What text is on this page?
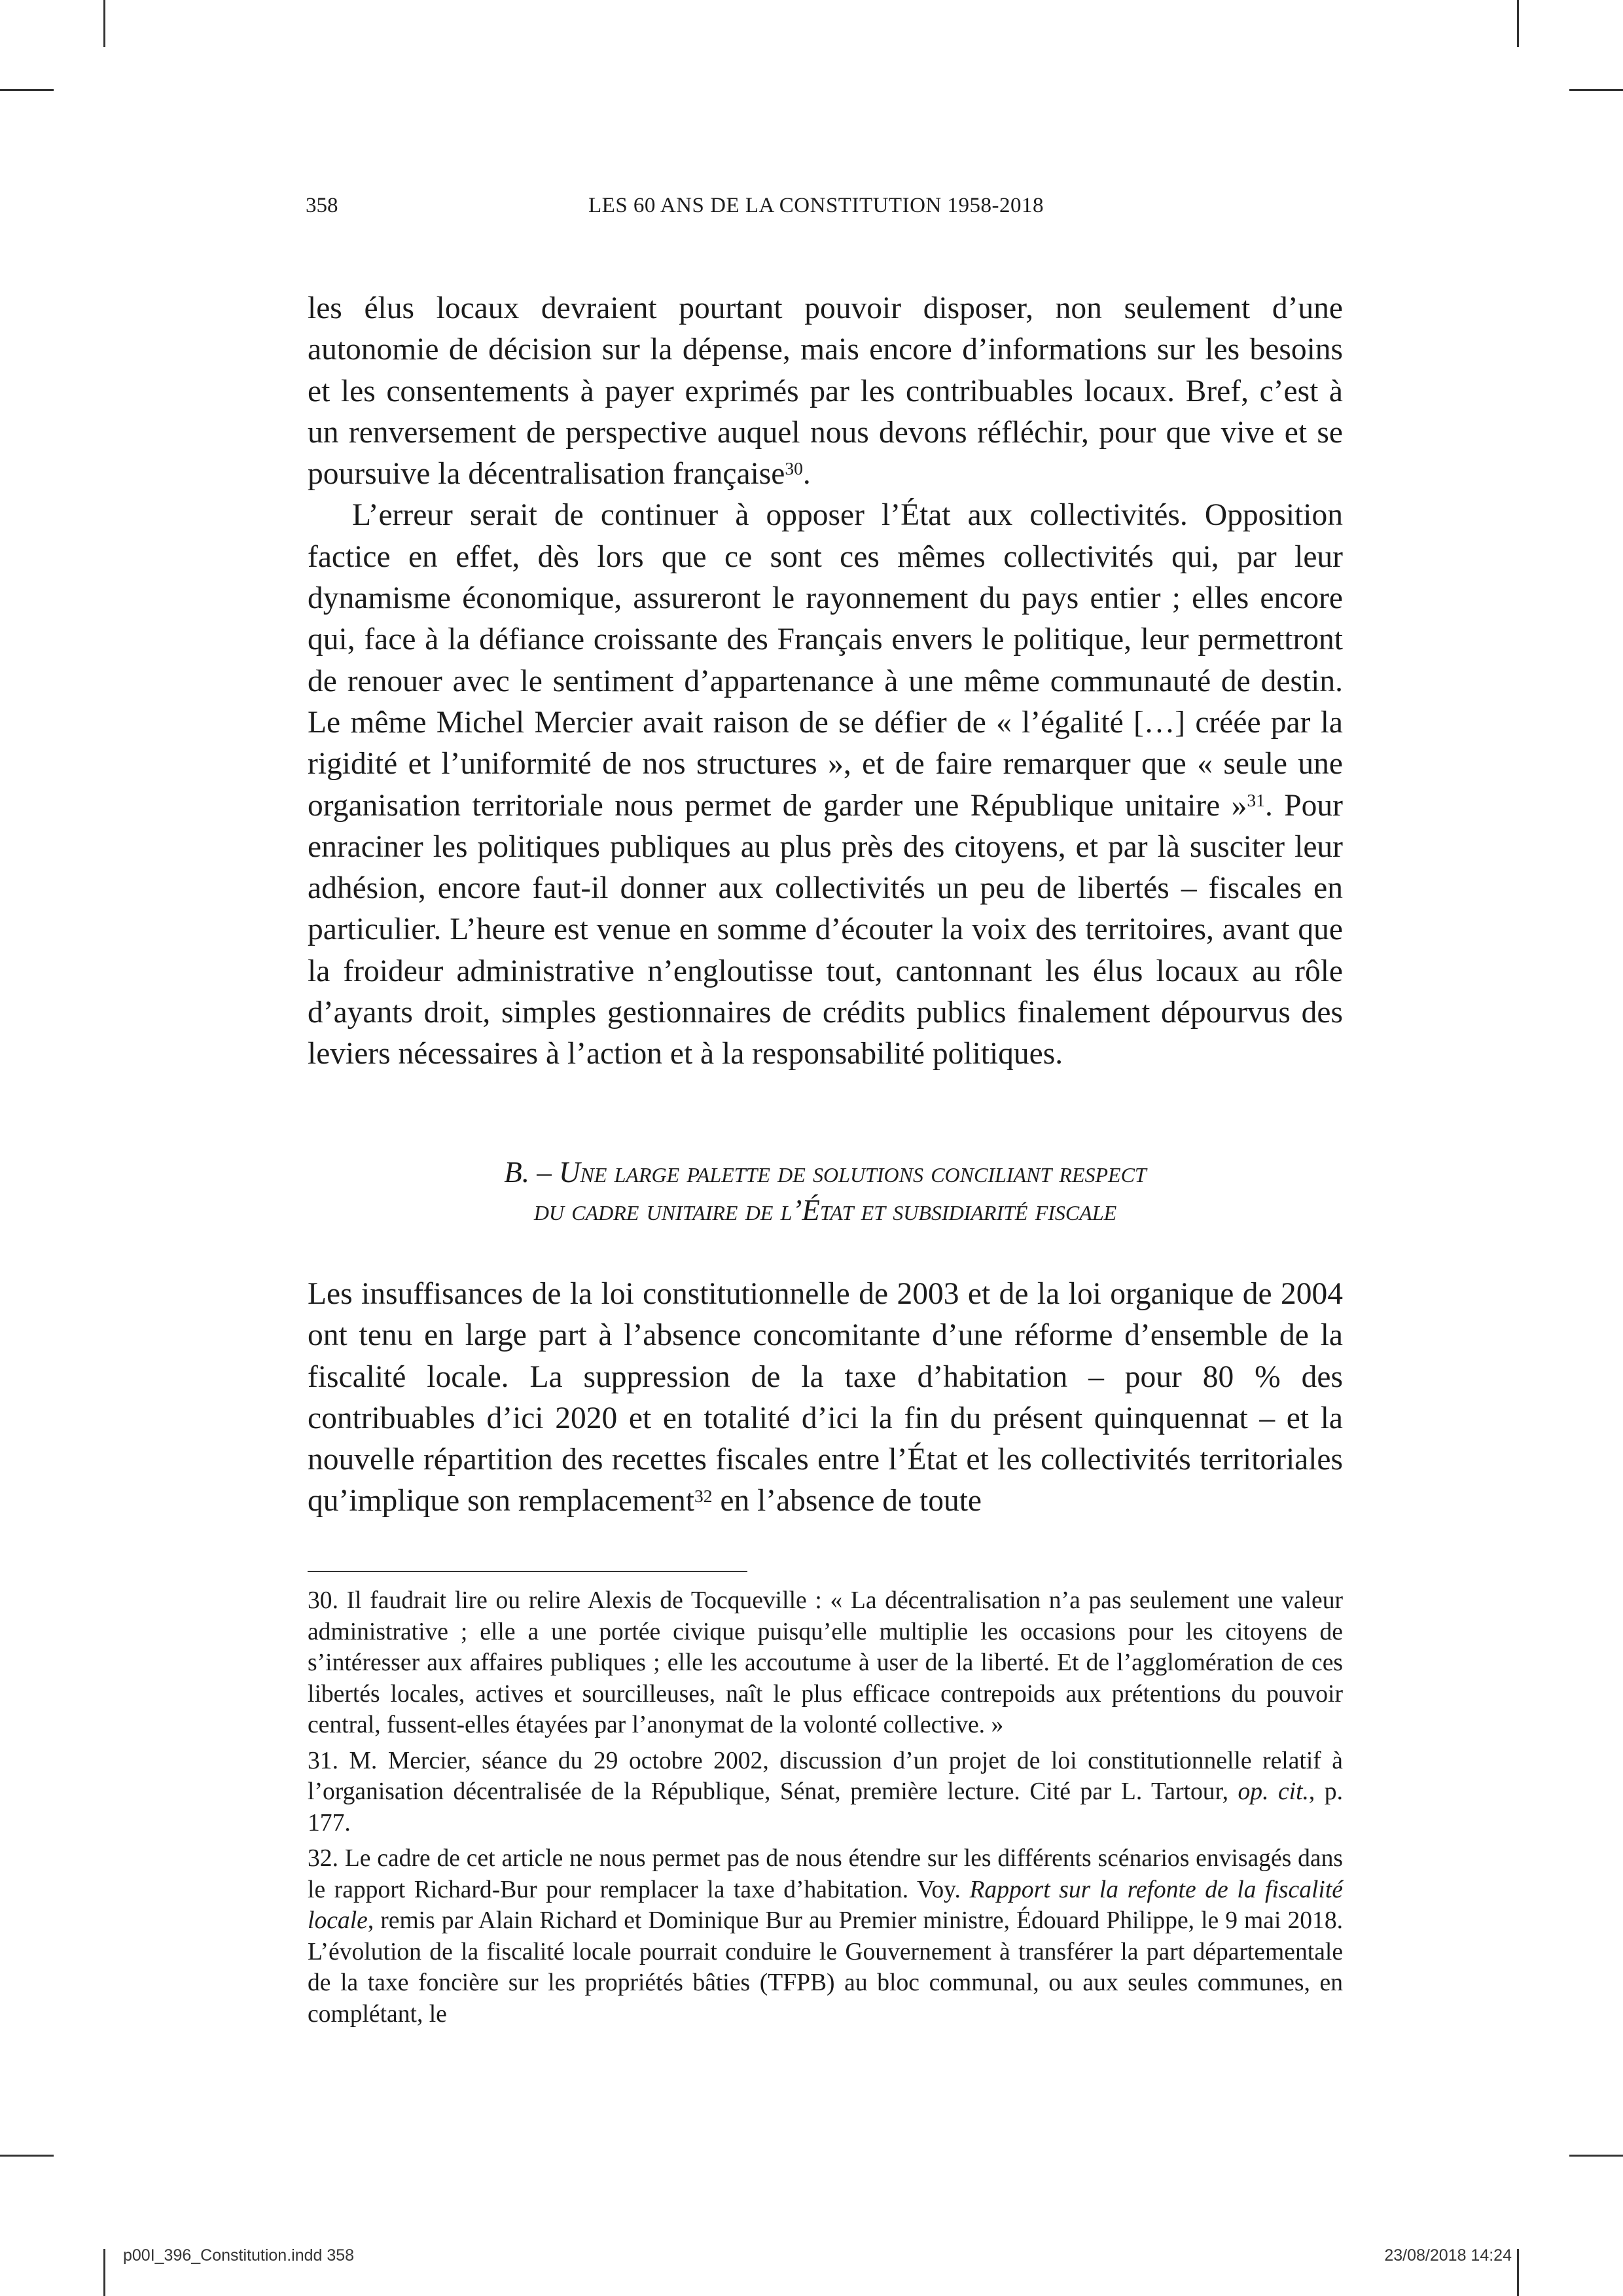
358	LES 60 ANS DE LA CONSTITUTION 1958-2018

les élus locaux devraient pourtant pouvoir disposer, non seulement d’une autonomie de décision sur la dépense, mais encore d’informations sur les besoins et les consentements à payer exprimés par les contribuables locaux. Bref, c’est à un renversement de perspective auquel nous devons réfléchir, pour que vive et se poursuive la décentralisation française$^{30}$.

L’erreur serait de continuer à opposer l’État aux collectivités. Opposition factice en effet, dès lors que ce sont ces mêmes collectivités qui, par leur dynamisme économique, assureront le rayonnement du pays entier ; elles encore qui, face à la défiance croissante des Français envers le politique, leur permettront de renouer avec le sentiment d’appartenance à une même communauté de destin. Le même Michel Mercier avait raison de se défier de « l’égalité […] créée par la rigidité et l’uniformité de nos structures », et de faire remarquer que « seule une organisation territoriale nous permet de garder une République unitaire »$^{31}$. Pour enraciner les politiques publiques au plus près des citoyens, et par là susciter leur adhésion, encore faut-il donner aux collectivités un peu de libertés – fiscales en particulier. L’heure est venue en somme d’écouter la voix des territoires, avant que la froideur administrative n’engloutisse tout, cantonnant les élus locaux au rôle d’ayants droit, simples gestionnaires de crédits publics finalement dépourvus des leviers nécessaires à l’action et à la responsabilité politiques.

B. – Une large palette de solutions conciliant respect
du cadre unitaire de l’État et subsidiarité fiscale

Les insuffisances de la loi constitutionnelle de 2003 et de la loi organique de 2004 ont tenu en large part à l’absence concomitante d’une réforme d’ensemble de la fiscalité locale. La suppression de la taxe d’habitation – pour 80 % des contribuables d’ici 2020 et en totalité d’ici la fin du présent quinquennat – et la nouvelle répartition des recettes fiscales entre l’État et les collectivités territoriales qu’implique son remplacement$^{32}$ en l’absence de toute

30. Il faudrait lire ou relire Alexis de Tocqueville : « La décentralisation n’a pas seulement une valeur administrative ; elle a une portée civique puisqu’elle multiplie les occasions pour les citoyens de s’intéresser aux affaires publiques ; elle les accoutume à user de la liberté. Et de l’agglomération de ces libertés locales, actives et sourcilleuses, naît le plus efficace contrepoids aux prétentions du pouvoir central, fussent-elles étayées par l’anonymat de la volonté collective. »

31. M. Mercier, séance du 29 octobre 2002, discussion d’un projet de loi constitutionnelle relatif à l’organisation décentralisée de la République, Sénat, première lecture. Cité par L. Tartour, op. cit., p. 177.

32. Le cadre de cet article ne nous permet pas de nous étendre sur les différents scénarios envisagés dans le rapport Richard-Bur pour remplacer la taxe d’habitation. Voy. Rapport sur la refonte de la fiscalité locale, remis par Alain Richard et Dominique Bur au Premier ministre, Édouard Philippe, le 9 mai 2018. L’évolution de la fiscalité locale pourrait conduire le Gouvernement à transférer la part départementale de la taxe foncière sur les propriétés bâties (TFPB) au bloc communal, ou aux seules communes, en complétant, le

p00I_396_Constitution.indd 358	23/08/2018 14:24
